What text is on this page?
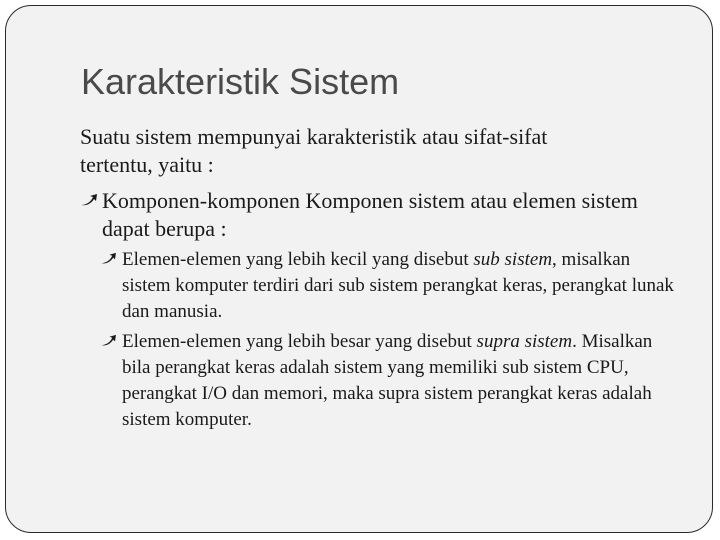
Karakteristik Sistem

Suatu sistem mempunyai karakteristik atau sifat-sifat tertentu, yaitu :

Komponen-komponen Komponen sistem atau elemen sistem dapat berupa :
Elemen-elemen yang lebih kecil yang disebut sub sistem, misalkan sistem komputer terdiri dari sub sistem perangkat keras, perangkat lunak dan manusia.
Elemen-elemen yang lebih besar yang disebut supra sistem. Misalkan bila perangkat keras adalah sistem yang memiliki sub sistem CPU, perangkat I/O dan memori, maka supra sistem perangkat keras adalah sistem komputer.
